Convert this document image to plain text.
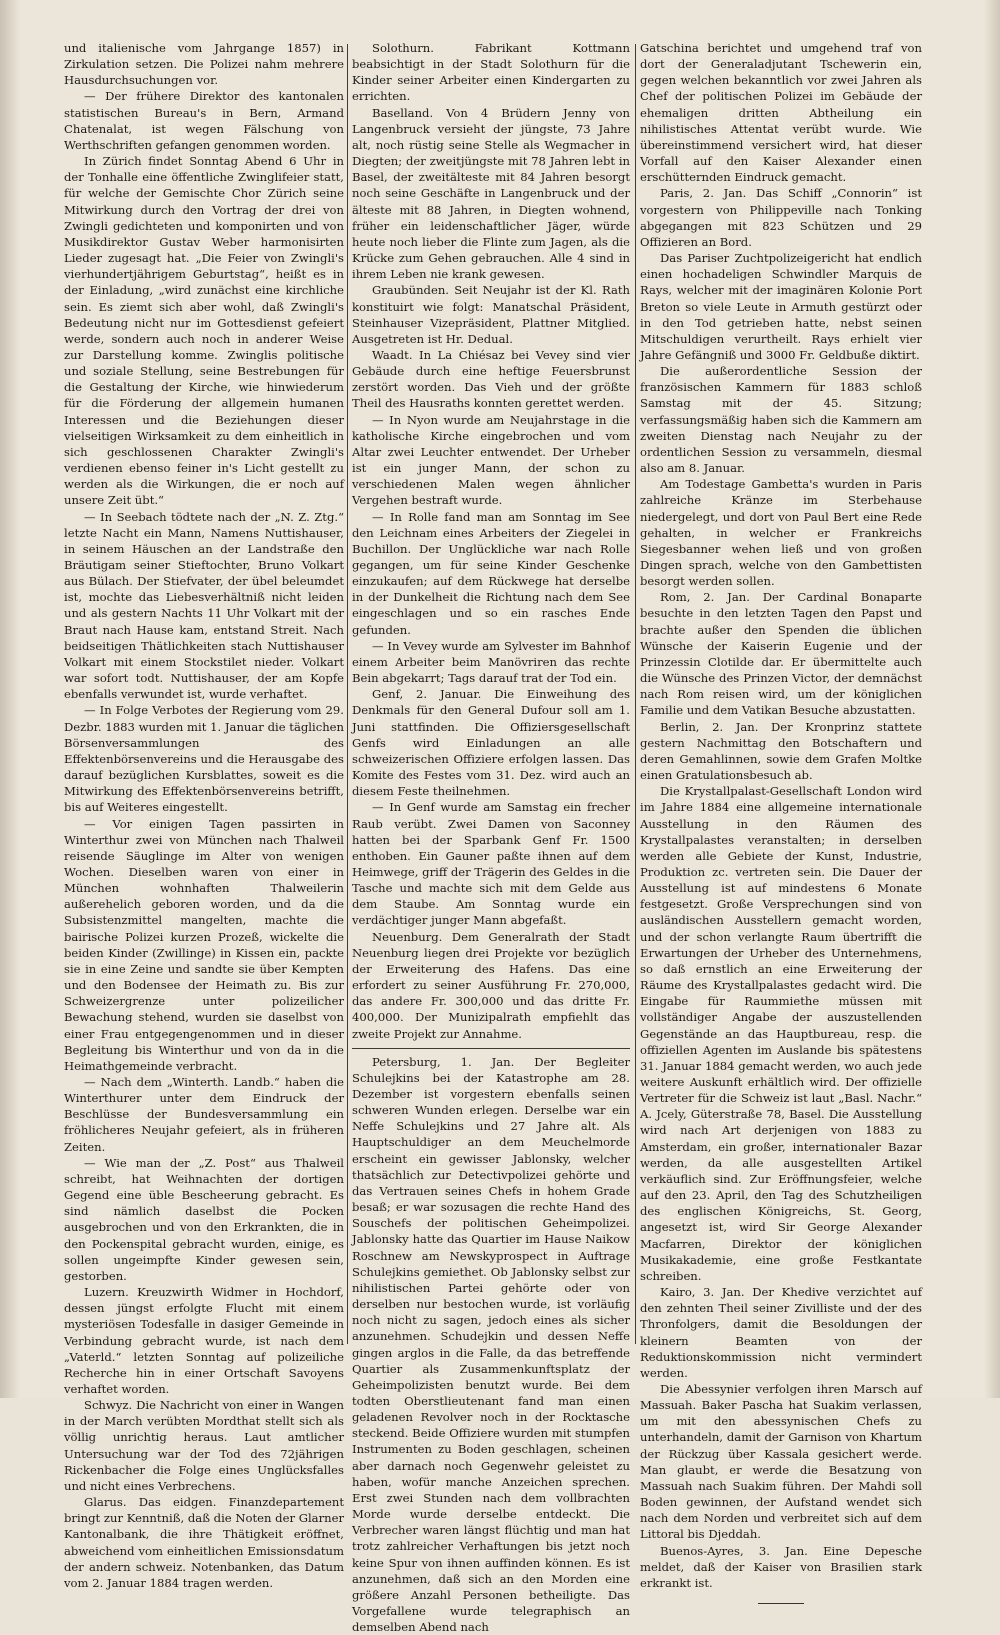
und italienische vom Jahrgange 1857) in Zirkulation setzen. Die Polizei nahm mehrere Hausdurchsuchungen vor.

— Der frühere Direktor des kantonalen statistischen Bureau's in Bern, Armand Chatenalat, ist wegen Fälschung von Werthschriften gefangen genommen worden.

In Zürich findet Sonntag Abend 6 Uhr in der Tonhalle eine öffentliche Zwinglifeier statt, für welche der Gemischte Chor Zürich seine Mitwirkung durch den Vortrag der drei von Zwingli gedichteten und komponirten und von Musikdirektor Gustav Weber harmonisirten Lieder zugesagt hat. „Die Feier von Zwingli's vierhundertjährigem Geburtstag“, heißt es in der Einladung, „wird zunächst eine kirchliche sein. Es ziemt sich aber wohl, daß Zwingli's Bedeutung nicht nur im Gottesdienst gefeiert werde, sondern auch noch in anderer Weise zur Darstellung komme. Zwinglis politische und soziale Stellung, seine Bestrebungen für die Gestaltung der Kirche, wie hinwiederum für die Förderung der allgemein humanen Interessen und die Beziehungen dieser vielseitigen Wirksamkeit zu dem einheitlich in sich geschlossenen Charakter Zwingli's verdienen ebenso feiner in's Licht gestellt zu werden als die Wirkungen, die er noch auf unsere Zeit übt.“

— In Seebach tödtete nach der „N. Z. Ztg.“ letzte Nacht ein Mann, Namens Nuttishauser, in seinem Häuschen an der Landstraße den Bräutigam seiner Stieftochter, Bruno Volkart aus Bülach. Der Stiefvater, der übel beleumdet ist, mochte das Liebesverhältniß nicht leiden und als gestern Nachts 11 Uhr Volkart mit der Braut nach Hause kam, entstand Streit. Nach beidseitigen Thätlichkeiten stach Nuttishauser Volkart mit einem Stockstilet nieder. Volkart war sofort todt. Nuttishauser, der am Kopfe ebenfalls verwundet ist, wurde verhaftet.

— In Folge Verbotes der Regierung vom 29. Dezbr. 1883 wurden mit 1. Januar die täglichen Börsenversammlungen des Effektenbörsenvereins und die Herausgabe des darauf bezüglichen Kursblattes, soweit es die Mitwirkung des Effektenbörsenvereins betrifft, bis auf Weiteres eingestellt.

— Vor einigen Tagen passirten in Winterthur zwei von München nach Thalweil reisende Säuglinge im Alter von wenigen Wochen. Dieselben waren von einer in München wohnhaften Thalweilerin außerehelich geboren worden, und da die Subsistenzmittel mangelten, machte die bairische Polizei kurzen Prozeß, wickelte die beiden Kinder (Zwillinge) in Kissen ein, packte sie in eine Zeine und sandte sie über Kempten und den Bodensee der Heimath zu. Bis zur Schweizergrenze unter polizeilicher Bewachung stehend, wurden sie daselbst von einer Frau entgegengenommen und in dieser Begleitung bis Winterthur und von da in die Heimathgemeinde verbracht.

— Nach dem „Winterth. Landb.“ haben die Winterthurer unter dem Eindruck der Beschlüsse der Bundesversammlung ein fröhlicheres Neujahr gefeiert, als in früheren Zeiten.

— Wie man der „Z. Post“ aus Thalweil schreibt, hat Weihnachten der dortigen Gegend eine üble Bescheerung gebracht. Es sind nämlich daselbst die Pocken ausgebrochen und von den Erkrankten, die in den Pockenspital gebracht wurden, einige, es sollen ungeimpfte Kinder gewesen sein, gestorben.

Luzern. Kreuzwirth Widmer in Hochdorf, dessen jüngst erfolgte Flucht mit einem mysteriösen Todesfalle in dasiger Gemeinde in Verbindung gebracht wurde, ist nach dem „Vaterld.“ letzten Sonntag auf polizeiliche Recherche hin in einer Ortschaft Savoyens verhaftet worden.

Schwyz. Die Nachricht von einer in Wangen in der March verübten Mordthat stellt sich als völlig unrichtig heraus. Laut amtlicher Untersuchung war der Tod des 72jährigen Rickenbacher die Folge eines Unglücksfalles und nicht eines Verbrechens.

Glarus. Das eidgen. Finanzdepartement bringt zur Kenntniß, daß die Noten der Glarner Kantonalbank, die ihre Thätigkeit eröffnet, abweichend vom einheitlichen Emissionsdatum der andern schweiz. Notenbanken, das Datum vom 2. Januar 1884 tragen werden.

Solothurn. Fabrikant Kottmann beabsichtigt in der Stadt Solothurn für die Kinder seiner Arbeiter einen Kindergarten zu errichten.

Baselland. Von 4 Brüdern Jenny von Langenbruck versieht der jüngste, 73 Jahre alt, noch rüstig seine Stelle als Wegmacher in Diegten; der zweitjüngste mit 78 Jahren lebt in Basel, der zweitälteste mit 84 Jahren besorgt noch seine Geschäfte in Langenbruck und der älteste mit 88 Jahren, in Diegten wohnend, früher ein leidenschaftlicher Jäger, würde heute noch lieber die Flinte zum Jagen, als die Krücke zum Gehen gebrauchen. Alle 4 sind in ihrem Leben nie krank gewesen.

Graubünden. Seit Neujahr ist der Kl. Rath konstituirt wie folgt: Manatschal Präsident, Steinhauser Vizepräsident, Plattner Mitglied. Ausgetreten ist Hr. Dedual.

Waadt. In La Chiésaz bei Vevey sind vier Gebäude durch eine heftige Feuersbrunst zerstört worden. Das Vieh und der größte Theil des Hausraths konnten gerettet werden.

— In Nyon wurde am Neujahrstage in die katholische Kirche eingebrochen und vom Altar zwei Leuchter entwendet. Der Urheber ist ein junger Mann, der schon zu verschiedenen Malen wegen ähnlicher Vergehen bestraft wurde.

— In Rolle fand man am Sonntag im See den Leichnam eines Arbeiters der Ziegelei in Buchillon. Der Unglückliche war nach Rolle gegangen, um für seine Kinder Geschenke einzukaufen; auf dem Rückwege hat derselbe in der Dunkelheit die Richtung nach dem See eingeschlagen und so ein rasches Ende gefunden.

— In Vevey wurde am Sylvester im Bahnhof einem Arbeiter beim Manövriren das rechte Bein abgekarrt; Tags darauf trat der Tod ein.

Genf, 2. Januar. Die Einweihung des Denkmals für den General Dufour soll am 1. Juni stattfinden. Die Offiziersgesellschaft Genfs wird Einladungen an alle schweizerischen Offiziere erfolgen lassen. Das Komite des Festes vom 31. Dez. wird auch an diesem Feste theilnehmen.

— In Genf wurde am Samstag ein frecher Raub verübt. Zwei Damen von Saconney hatten bei der Sparbank Genf Fr. 1500 enthoben. Ein Gauner paßte ihnen auf dem Heimwege, griff der Trägerin des Geldes in die Tasche und machte sich mit dem Gelde aus dem Staube. Am Sonntag wurde ein verdächtiger junger Mann abgefaßt.

Neuenburg. Dem Generalrath der Stadt Neuenburg liegen drei Projekte vor bezüglich der Erweiterung des Hafens. Das eine erfordert zu seiner Ausführung Fr. 270,000, das andere Fr. 300,000 und das dritte Fr. 400,000. Der Munizipalrath empfiehlt das zweite Projekt zur Annahme.

Petersburg, 1. Jan. Der Begleiter Schulejkins bei der Katastrophe am 28. Dezember ist vorgestern ebenfalls seinen schweren Wunden erlegen. Derselbe war ein Neffe Schulejkins und 27 Jahre alt. Als Hauptschuldiger an dem Meuchelmorde erscheint ein gewisser Jablonsky, welcher thatsächlich zur Detectivpolizei gehörte und das Vertrauen seines Chefs in hohem Grade besaß; er war sozusagen die rechte Hand des Souschefs der politischen Geheimpolizei. Jablonsky hatte das Quartier im Hause Naikow Roschnew am Newskyprospect in Auftrage Schulejkins gemiethet. Ob Jablonsky selbst zur nihilistischen Partei gehörte oder von derselben nur bestochen wurde, ist vorläufig noch nicht zu sagen, jedoch eines als sicher anzunehmen. Schudejkin und dessen Neffe gingen arglos in die Falle, da das betreffende Quartier als Zusammenkunftsplatz der Geheimpolizisten benutzt wurde. Bei dem todten Oberstlieutenant fand man einen geladenen Revolver noch in der Rocktasche steckend. Beide Offiziere wurden mit stumpfen Instrumenten zu Boden geschlagen, scheinen aber darnach noch Gegenwehr geleistet zu haben, wofür manche Anzeichen sprechen. Erst zwei Stunden nach dem vollbrachten Morde wurde derselbe entdeckt. Die Verbrecher waren längst flüchtig und man hat trotz zahlreicher Verhaftungen bis jetzt noch keine Spur von ihnen auffinden können. Es ist anzunehmen, daß sich an den Morden eine größere Anzahl Personen betheiligte. Das Vorgefallene wurde telegraphisch an demselben Abend nach

Gatschina berichtet und umgehend traf von dort der Generaladjutant Tschewerin ein, gegen welchen bekanntlich vor zwei Jahren als Chef der politischen Polizei im Gebäude der ehemaligen dritten Abtheilung ein nihilistisches Attentat verübt wurde. Wie übereinstimmend versichert wird, hat dieser Vorfall auf den Kaiser Alexander einen erschütternden Eindruck gemacht.

Paris, 2. Jan. Das Schiff „Connorin“ ist vorgestern von Philippeville nach Tonking abgegangen mit 823 Schützen und 29 Offizieren an Bord.

Das Pariser Zuchtpolizeigericht hat endlich einen hochadeligen Schwindler Marquis de Rays, welcher mit der imaginären Kolonie Port Breton so viele Leute in Armuth gestürzt oder in den Tod getrieben hatte, nebst seinen Mitschuldigen verurtheilt. Rays erhielt vier Jahre Gefängniß und 3000 Fr. Geldbuße diktirt.

Die außerordentliche Session der französischen Kammern für 1883 schloß Samstag mit der 45. Sitzung; verfassungsmäßig haben sich die Kammern am zweiten Dienstag nach Neujahr zu der ordentlichen Session zu versammeln, diesmal also am 8. Januar.

Am Todestage Gambetta's wurden in Paris zahlreiche Kränze im Sterbehause niedergelegt, und dort von Paul Bert eine Rede gehalten, in welcher er Frankreichs Siegesbanner wehen ließ und von großen Dingen sprach, welche von den Gambettisten besorgt werden sollen.

Rom, 2. Jan. Der Cardinal Bonaparte besuchte in den letzten Tagen den Papst und brachte außer den Spenden die üblichen Wünsche der Kaiserin Eugenie und der Prinzessin Clotilde dar. Er übermittelte auch die Wünsche des Prinzen Victor, der demnächst nach Rom reisen wird, um der königlichen Familie und dem Vatikan Besuche abzustatten.

Berlin, 2. Jan. Der Kronprinz stattete gestern Nachmittag den Botschaftern und deren Gemahlinnen, sowie dem Grafen Moltke einen Gratulationsbesuch ab.

Die Krystallpalast-Gesellschaft London wird im Jahre 1884 eine allgemeine internationale Ausstellung in den Räumen des Krystallpalastes veranstalten; in derselben werden alle Gebiete der Kunst, Industrie, Produktion zc. vertreten sein. Die Dauer der Ausstellung ist auf mindestens 6 Monate festgesetzt. Große Versprechungen sind von ausländischen Ausstellern gemacht worden, und der schon verlangte Raum übertrifft die Erwartungen der Urheber des Unternehmens, so daß ernstlich an eine Erweiterung der Räume des Krystallpalastes gedacht wird. Die Eingabe für Raummiethe müssen mit vollständiger Angabe der auszustellenden Gegenstände an das Hauptbureau, resp. die offiziellen Agenten im Auslande bis spätestens 31. Januar 1884 gemacht werden, wo auch jede weitere Auskunft erhältlich wird. Der offizielle Vertreter für die Schweiz ist laut „Basl. Nachr.“ A. Jcely, Güterstraße 78, Basel. Die Ausstellung wird nach Art derjenigen von 1883 zu Amsterdam, ein großer, internationaler Bazar werden, da alle ausgestellten Artikel verkäuflich sind. Zur Eröffnungsfeier, welche auf den 23. April, den Tag des Schutzheiligen des englischen Königreichs, St. Georg, angesetzt ist, wird Sir George Alexander Macfarren, Direktor der königlichen Musikakademie, eine große Festkantate schreiben.

Kairo, 3. Jan. Der Khedive verzichtet auf den zehnten Theil seiner Zivilliste und der des Thronfolgers, damit die Besoldungen der kleinern Beamten von der Reduktionskommission nicht vermindert werden.

Die Abessynier verfolgen ihren Marsch auf Massuah. Baker Pascha hat Suakim verlassen, um mit den abessynischen Chefs zu unterhandeln, damit der Garnison von Khartum der Rückzug über Kassala gesichert werde. Man glaubt, er werde die Besatzung von Massuah nach Suakim führen. Der Mahdi soll Boden gewinnen, der Aufstand wendet sich nach dem Norden und verbreitet sich auf dem Littoral bis Djeddah.

Buenos-Ayres, 3. Jan. Eine Depesche meldet, daß der Kaiser von Brasilien stark erkrankt ist.
